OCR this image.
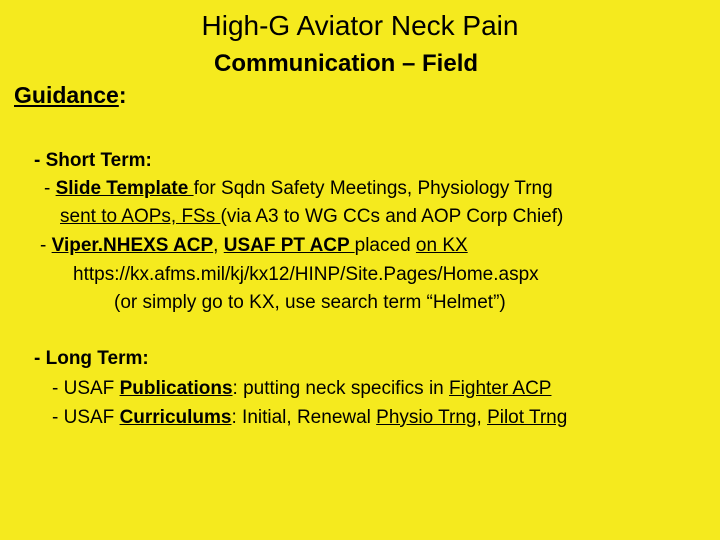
High-G Aviator Neck Pain
Communication – Field
Guidance:
- Short Term:
- Slide Template for Sqdn Safety Meetings, Physiology Trng
sent to AOPs, FSs (via A3 to WG CCs and AOP Corp Chief)
- Viper.NHEXS ACP, USAF PT ACP placed on KX
https://kx.afms.mil/kj/kx12/HINP/Site.Pages/Home.aspx
(or simply go to KX, use search term “Helmet”)
- Long Term:
- USAF Publications: putting neck specifics in Fighter ACP
- USAF Curriculums: Initial, Renewal Physio Trng, Pilot Trng
